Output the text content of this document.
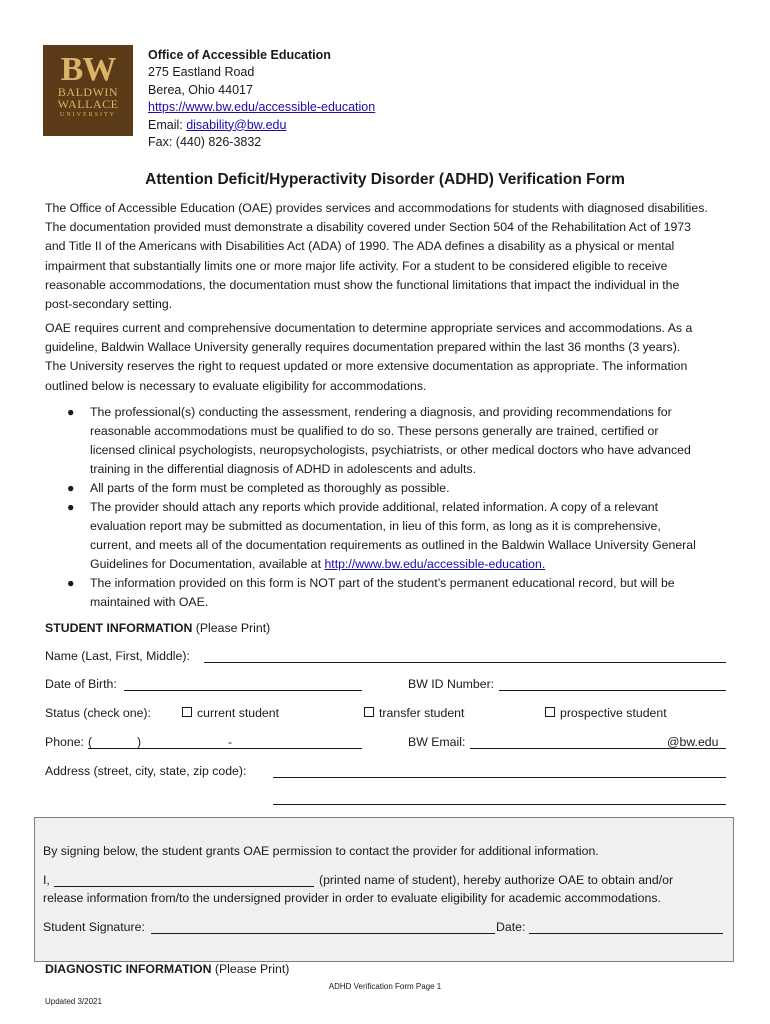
BW
BALDWIN
WALLACE
UNIVERSITY
Office of Accessible Education
275 Eastland Road
Berea, Ohio 44017
https://www.bw.edu/accessible-education
Email: disability@bw.edu
Fax: (440) 826-3832
Attention Deficit/Hyperactivity Disorder (ADHD) Verification Form
The Office of Accessible Education (OAE) provides services and accommodations for students with diagnosed disabilities.
The documentation provided must demonstrate a disability covered under Section 504 of the Rehabilitation Act of 1973
and Title II of the Americans with Disabilities Act (ADA) of 1990. The ADA defines a disability as a physical or mental
impairment that substantially limits one or more major life activity. For a student to be considered eligible to receive
reasonable accommodations, the documentation must show the functional limitations that impact the individual in the
post-secondary setting.
OAE requires current and comprehensive documentation to determine appropriate services and accommodations. As a
guideline, Baldwin Wallace University generally requires documentation prepared within the last 36 months (3 years).
The University reserves the right to request updated or more extensive documentation as appropriate. The information
outlined below is necessary to evaluate eligibility for accommodations.
● The professional(s) conducting the assessment, rendering a diagnosis, and providing recommendations for
reasonable accommodations must be qualified to do so. These persons generally are trained, certified or
licensed clinical psychologists, neuropsychologists, psychiatrists, or other medical doctors who have advanced
training in the differential diagnosis of ADHD in adolescents and adults.
● All parts of the form must be completed as thoroughly as possible.
● The provider should attach any reports which provide additional, related information. A copy of a relevant
evaluation report may be submitted as documentation, in lieu of this form, as long as it is comprehensive,
current, and meets all of the documentation requirements as outlined in the Baldwin Wallace University General
Guidelines for Documentation, available at http://www.bw.edu/accessible-education.
● The information provided on this form is NOT part of the student’s permanent educational record, but will be
maintained with OAE.
STUDENT INFORMATION (Please Print)
Name (Last, First, Middle):
Date of Birth:	BW ID Number:
Status (check one):	current student	transfer student	prospective student
Phone: (	)	-	BW Email:	@bw.edu
Address (street, city, state, zip code):
By signing below, the student grants OAE permission to contact the provider for additional information.
I,	(printed name of student), hereby authorize OAE to obtain and/or
release information from/to the undersigned provider in order to evaluate eligibility for academic accommodations.
Student Signature:	Date:
DIAGNOSTIC INFORMATION (Please Print)
ADHD Verification Form Page 1
Updated 3/2021
